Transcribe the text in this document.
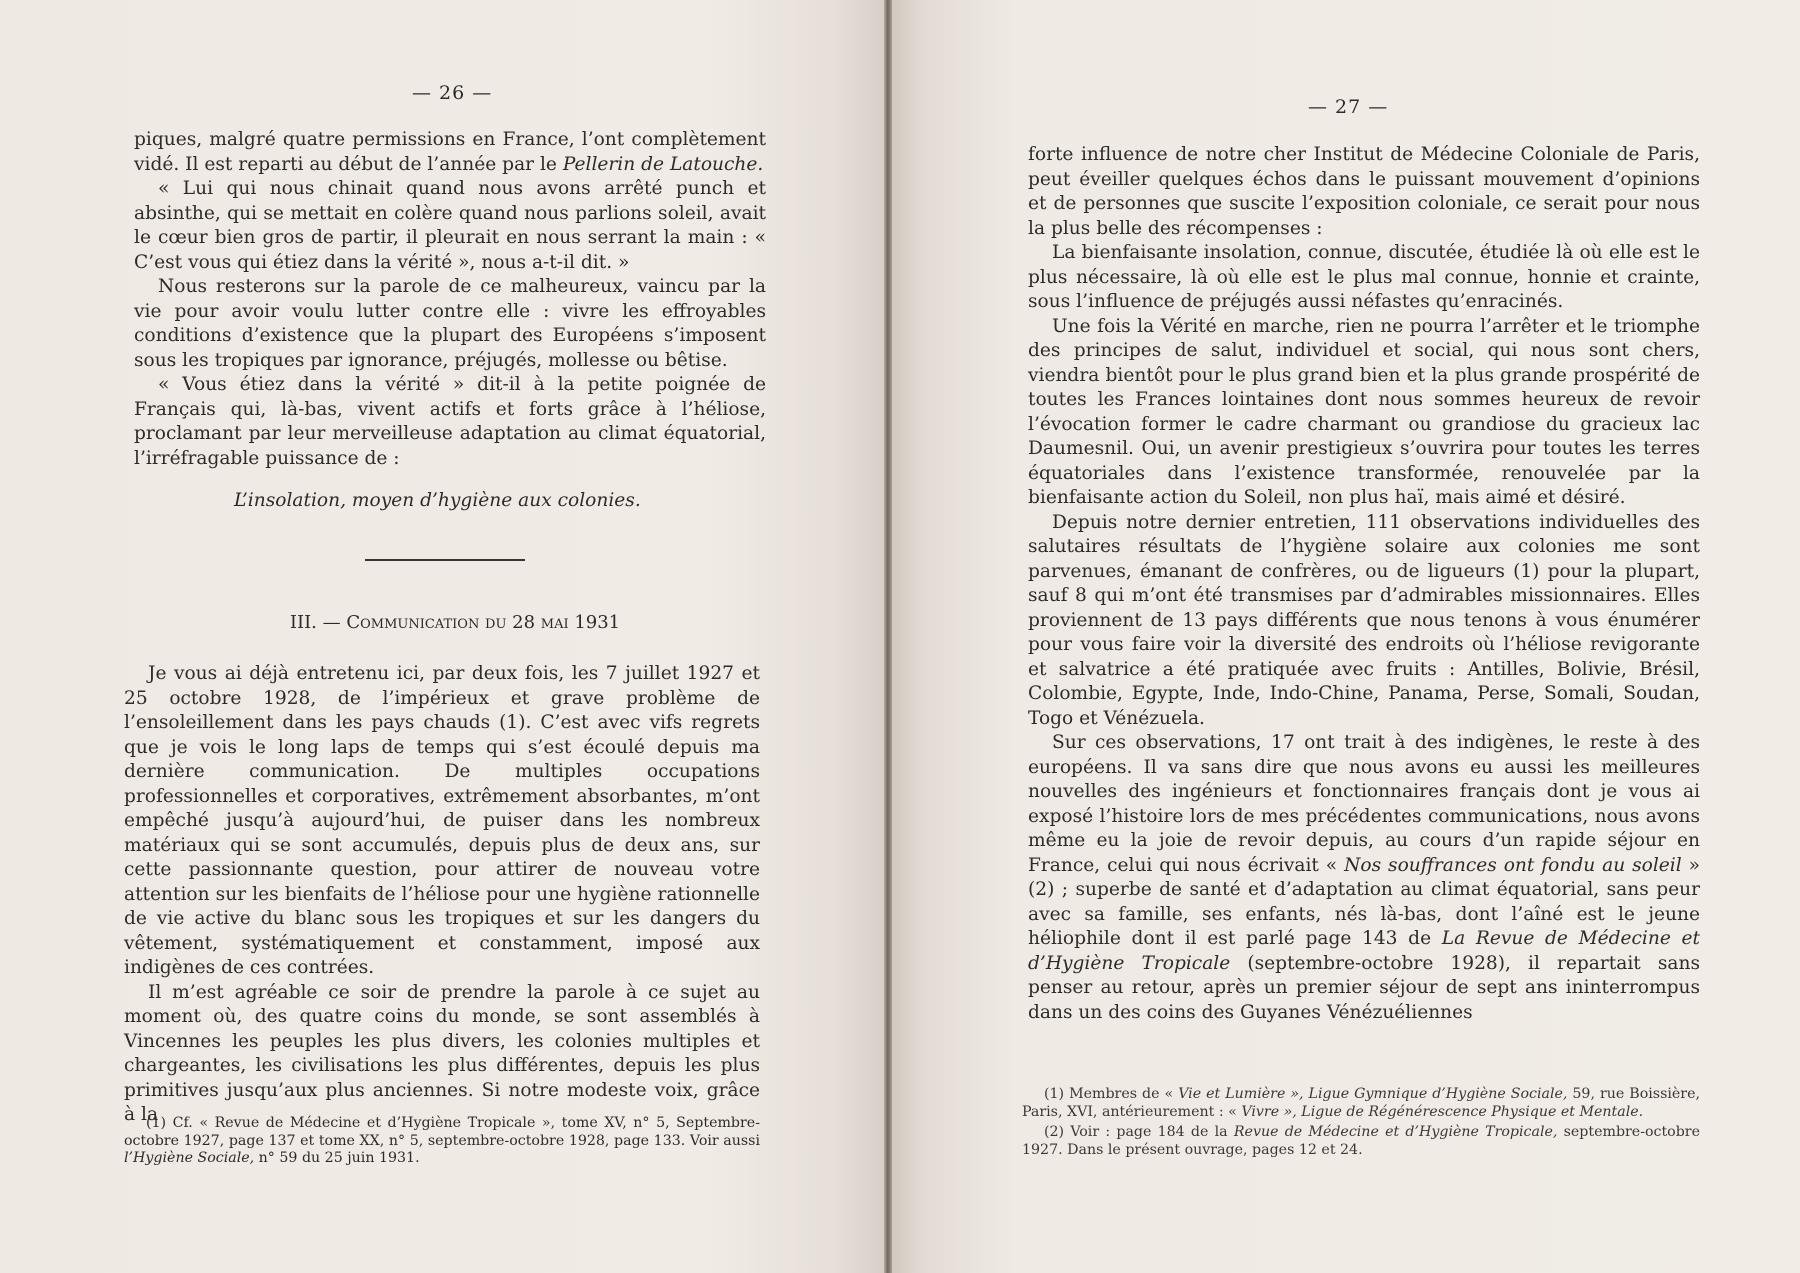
— 26 —

piques, malgré quatre permissions en France, l’ont complètement vidé. Il est reparti au début de l’année par le Pellerin de Latouche.

« Lui qui nous chinait quand nous avons arrêté punch et absinthe, qui se mettait en colère quand nous parlions soleil, avait le cœur bien gros de partir, il pleurait en nous serrant la main : « C’est vous qui étiez dans la vérité », nous a-t-il dit. »

Nous resterons sur la parole de ce malheureux, vaincu par la vie pour avoir voulu lutter contre elle : vivre les effroyables conditions d’existence que la plupart des Européens s’imposent sous les tropiques par ignorance, préjugés, mollesse ou bêtise.

« Vous étiez dans la vérité » dit-il à la petite poignée de Français qui, là-bas, vivent actifs et forts grâce à l’héliose, proclamant par leur merveilleuse adaptation au climat équatorial, l’irréfragable puissance de :

L’insolation, moyen d’hygiène aux colonies.
III. — Communication du 28 mai 1931

Je vous ai déjà entretenu ici, par deux fois, les 7 juillet 1927 et 25 octobre 1928, de l’impérieux et grave problème de l’ensoleillement dans les pays chauds (1). C’est avec vifs regrets que je vois le long laps de temps qui s’est écoulé depuis ma dernière communication. De multiples occupations professionnelles et corporatives, extrêmement absorbantes, m’ont empêché jusqu’à aujourd’hui, de puiser dans les nombreux matériaux qui se sont accumulés, depuis plus de deux ans, sur cette passionnante question, pour attirer de nouveau votre attention sur les bienfaits de l’héliose pour une hygiène rationnelle de vie active du blanc sous les tropiques et sur les dangers du vêtement, systématiquement et constamment, imposé aux indigènes de ces contrées.

Il m’est agréable ce soir de prendre la parole à ce sujet au moment où, des quatre coins du monde, se sont assemblés à Vincennes les peuples les plus divers, les colonies multiples et chargeantes, les civilisations les plus différentes, depuis les plus primitives jusqu’aux plus anciennes. Si notre modeste voix, grâce à la

(1) Cf. « Revue de Médecine et d’Hygiène Tropicale », tome XV, n° 5, Septembre-octobre 1927, page 137 et tome XX, n° 5, septembre-octobre 1928, page 133. Voir aussi l’Hygiène Sociale, n° 59 du 25 juin 1931.

— 27 —

forte influence de notre cher Institut de Médecine Coloniale de Paris, peut éveiller quelques échos dans le puissant mouvement d’opinions et de personnes que suscite l’exposition coloniale, ce serait pour nous la plus belle des récompenses :

La bienfaisante insolation, connue, discutée, étudiée là où elle est le plus nécessaire, là où elle est le plus mal connue, honnie et crainte, sous l’influence de préjugés aussi néfastes qu’enracinés.

Une fois la Vérité en marche, rien ne pourra l’arrêter et le triomphe des principes de salut, individuel et social, qui nous sont chers, viendra bientôt pour le plus grand bien et la plus grande prospérité de toutes les Frances lointaines dont nous sommes heureux de revoir l’évocation former le cadre charmant ou grandiose du gracieux lac Daumesnil. Oui, un avenir prestigieux s’ouvrira pour toutes les terres équatoriales dans l’existence transformée, renouvelée par la bienfaisante action du Soleil, non plus haï, mais aimé et désiré.

Depuis notre dernier entretien, 111 observations individuelles des salutaires résultats de l’hygiène solaire aux colonies me sont parvenues, émanant de confrères, ou de ligueurs (1) pour la plupart, sauf 8 qui m’ont été transmises par d’admirables missionnaires. Elles proviennent de 13 pays différents que nous tenons à vous énumérer pour vous faire voir la diversité des endroits où l’héliose revigorante et salvatrice a été pratiquée avec fruits : Antilles, Bolivie, Brésil, Colombie, Egypte, Inde, Indo-Chine, Panama, Perse, Somali, Soudan, Togo et Vénézuela.

Sur ces observations, 17 ont trait à des indigènes, le reste à des européens. Il va sans dire que nous avons eu aussi les meilleures nouvelles des ingénieurs et fonctionnaires français dont je vous ai exposé l’histoire lors de mes précédentes communications, nous avons même eu la joie de revoir depuis, au cours d’un rapide séjour en France, celui qui nous écrivait « Nos souffrances ont fondu au soleil » (2) ; superbe de santé et d’adaptation au climat équatorial, sans peur avec sa famille, ses enfants, nés là-bas, dont l’aîné est le jeune héliophile dont il est parlé page 143 de La Revue de Médecine et d’Hygiène Tropicale (septembre-octobre 1928), il repartait sans penser au retour, après un premier séjour de sept ans ininterrompus dans un des coins des Guyanes Vénézuéliennes

(1) Membres de « Vie et Lumière », Ligue Gymnique d’Hygiène Sociale, 59, rue Boissière, Paris, XVI, antérieurement : « Vivre », Ligue de Régénérescence Physique et Mentale.

(2) Voir : page 184 de la Revue de Médecine et d’Hygiène Tropicale, septembre-octobre 1927. Dans le présent ouvrage, pages 12 et 24.
